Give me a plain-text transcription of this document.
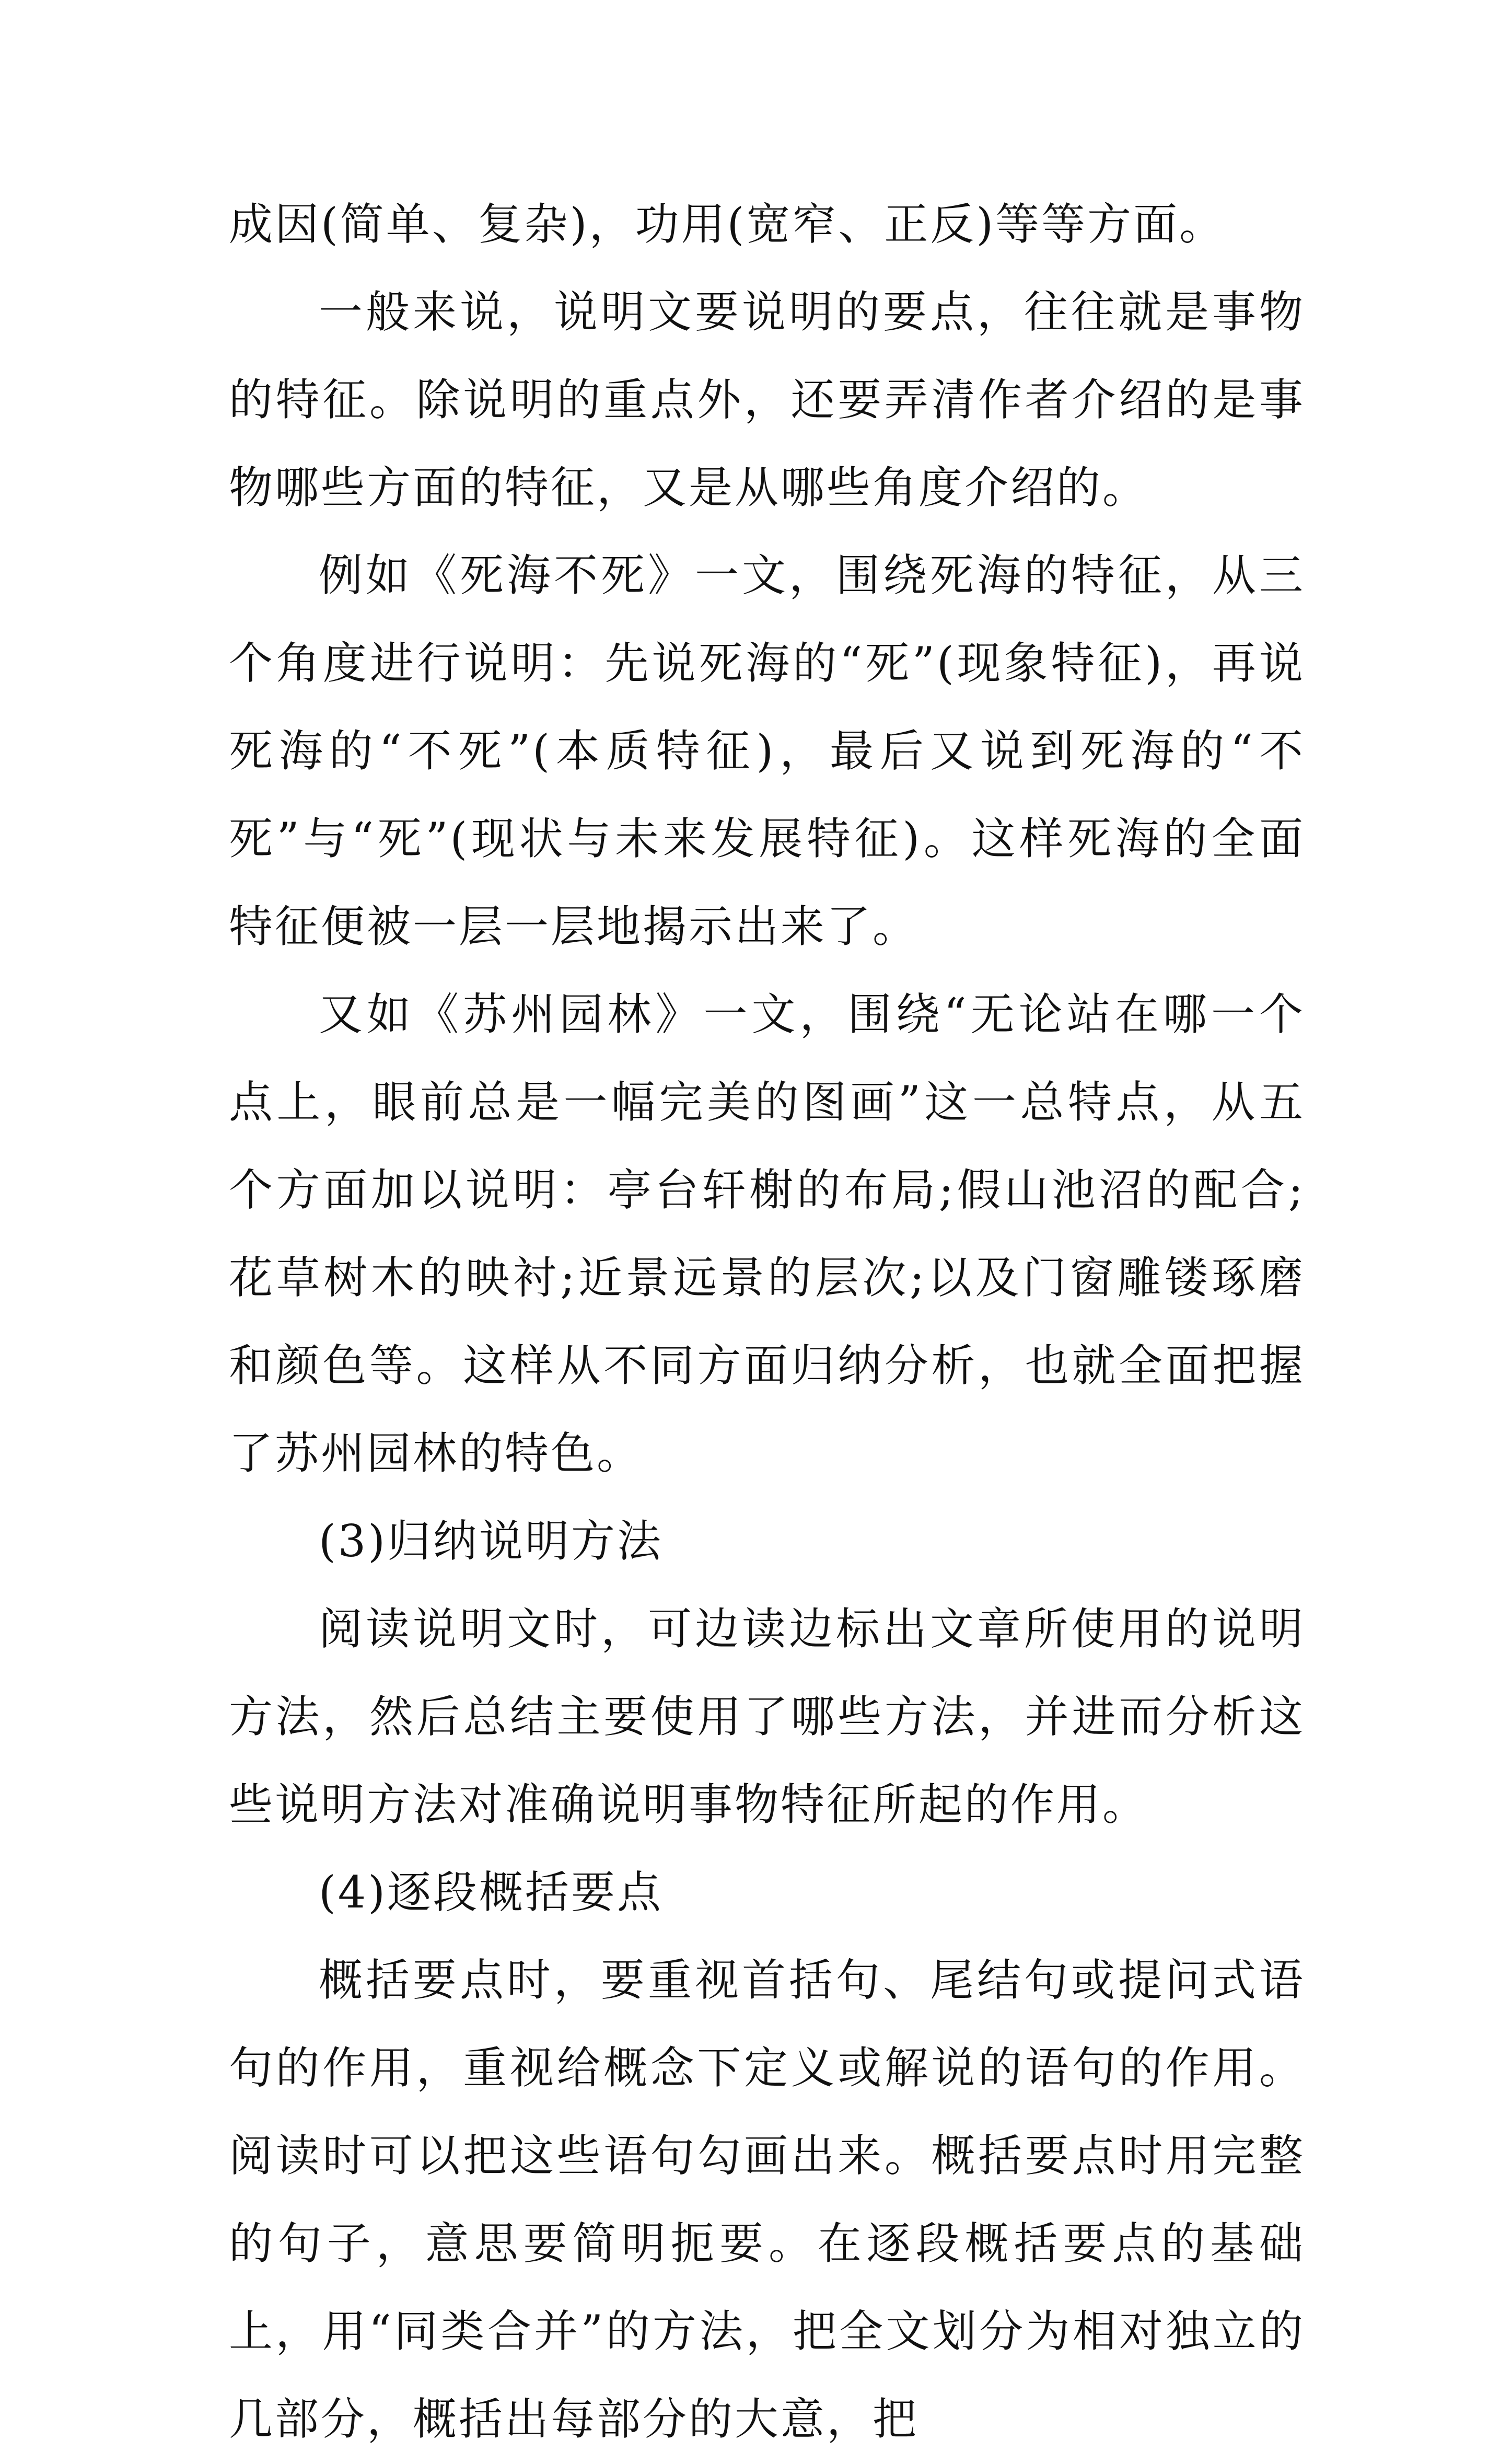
成因(简单、复杂)，功用(宽窄、正反)等等方面。

一般来说，说明文要说明的要点，往往就是事物的特征。除说明的重点外，还要弄清作者介绍的是事物哪些方面的特征，又是从哪些角度介绍的。

例如《死海不死》一文，围绕死海的特征，从三个角度进行说明：先说死海的“死”(现象特征)，再说死海的“不死”(本质特征)，最后又说到死海的“不死”与“死”(现状与未来发展特征)。这样死海的全面特征便被一层一层地揭示出来了。

又如《苏州园林》一文，围绕“无论站在哪一个点上，眼前总是一幅完美的图画”这一总特点，从五个方面加以说明：亭台轩榭的布局;假山池沼的配合;花草树木的映衬;近景远景的层次;以及门窗雕镂琢磨和颜色等。这样从不同方面归纳分析，也就全面把握了苏州园林的特色。

(3)归纳说明方法

阅读说明文时，可边读边标出文章所使用的说明方法，然后总结主要使用了哪些方法，并进而分析这些说明方法对准确说明事物特征所起的作用。

(4)逐段概括要点

概括要点时，要重视首括句、尾结句或提问式语句的作用，重视给概念下定义或解说的语句的作用。阅读时可以把这些语句勾画出来。概括要点时用完整的句子，意思要简明扼要。在逐段概括要点的基础上，用“同类合并”的方法，把全文划分为相对独立的几部分，概括出每部分的大意，把
